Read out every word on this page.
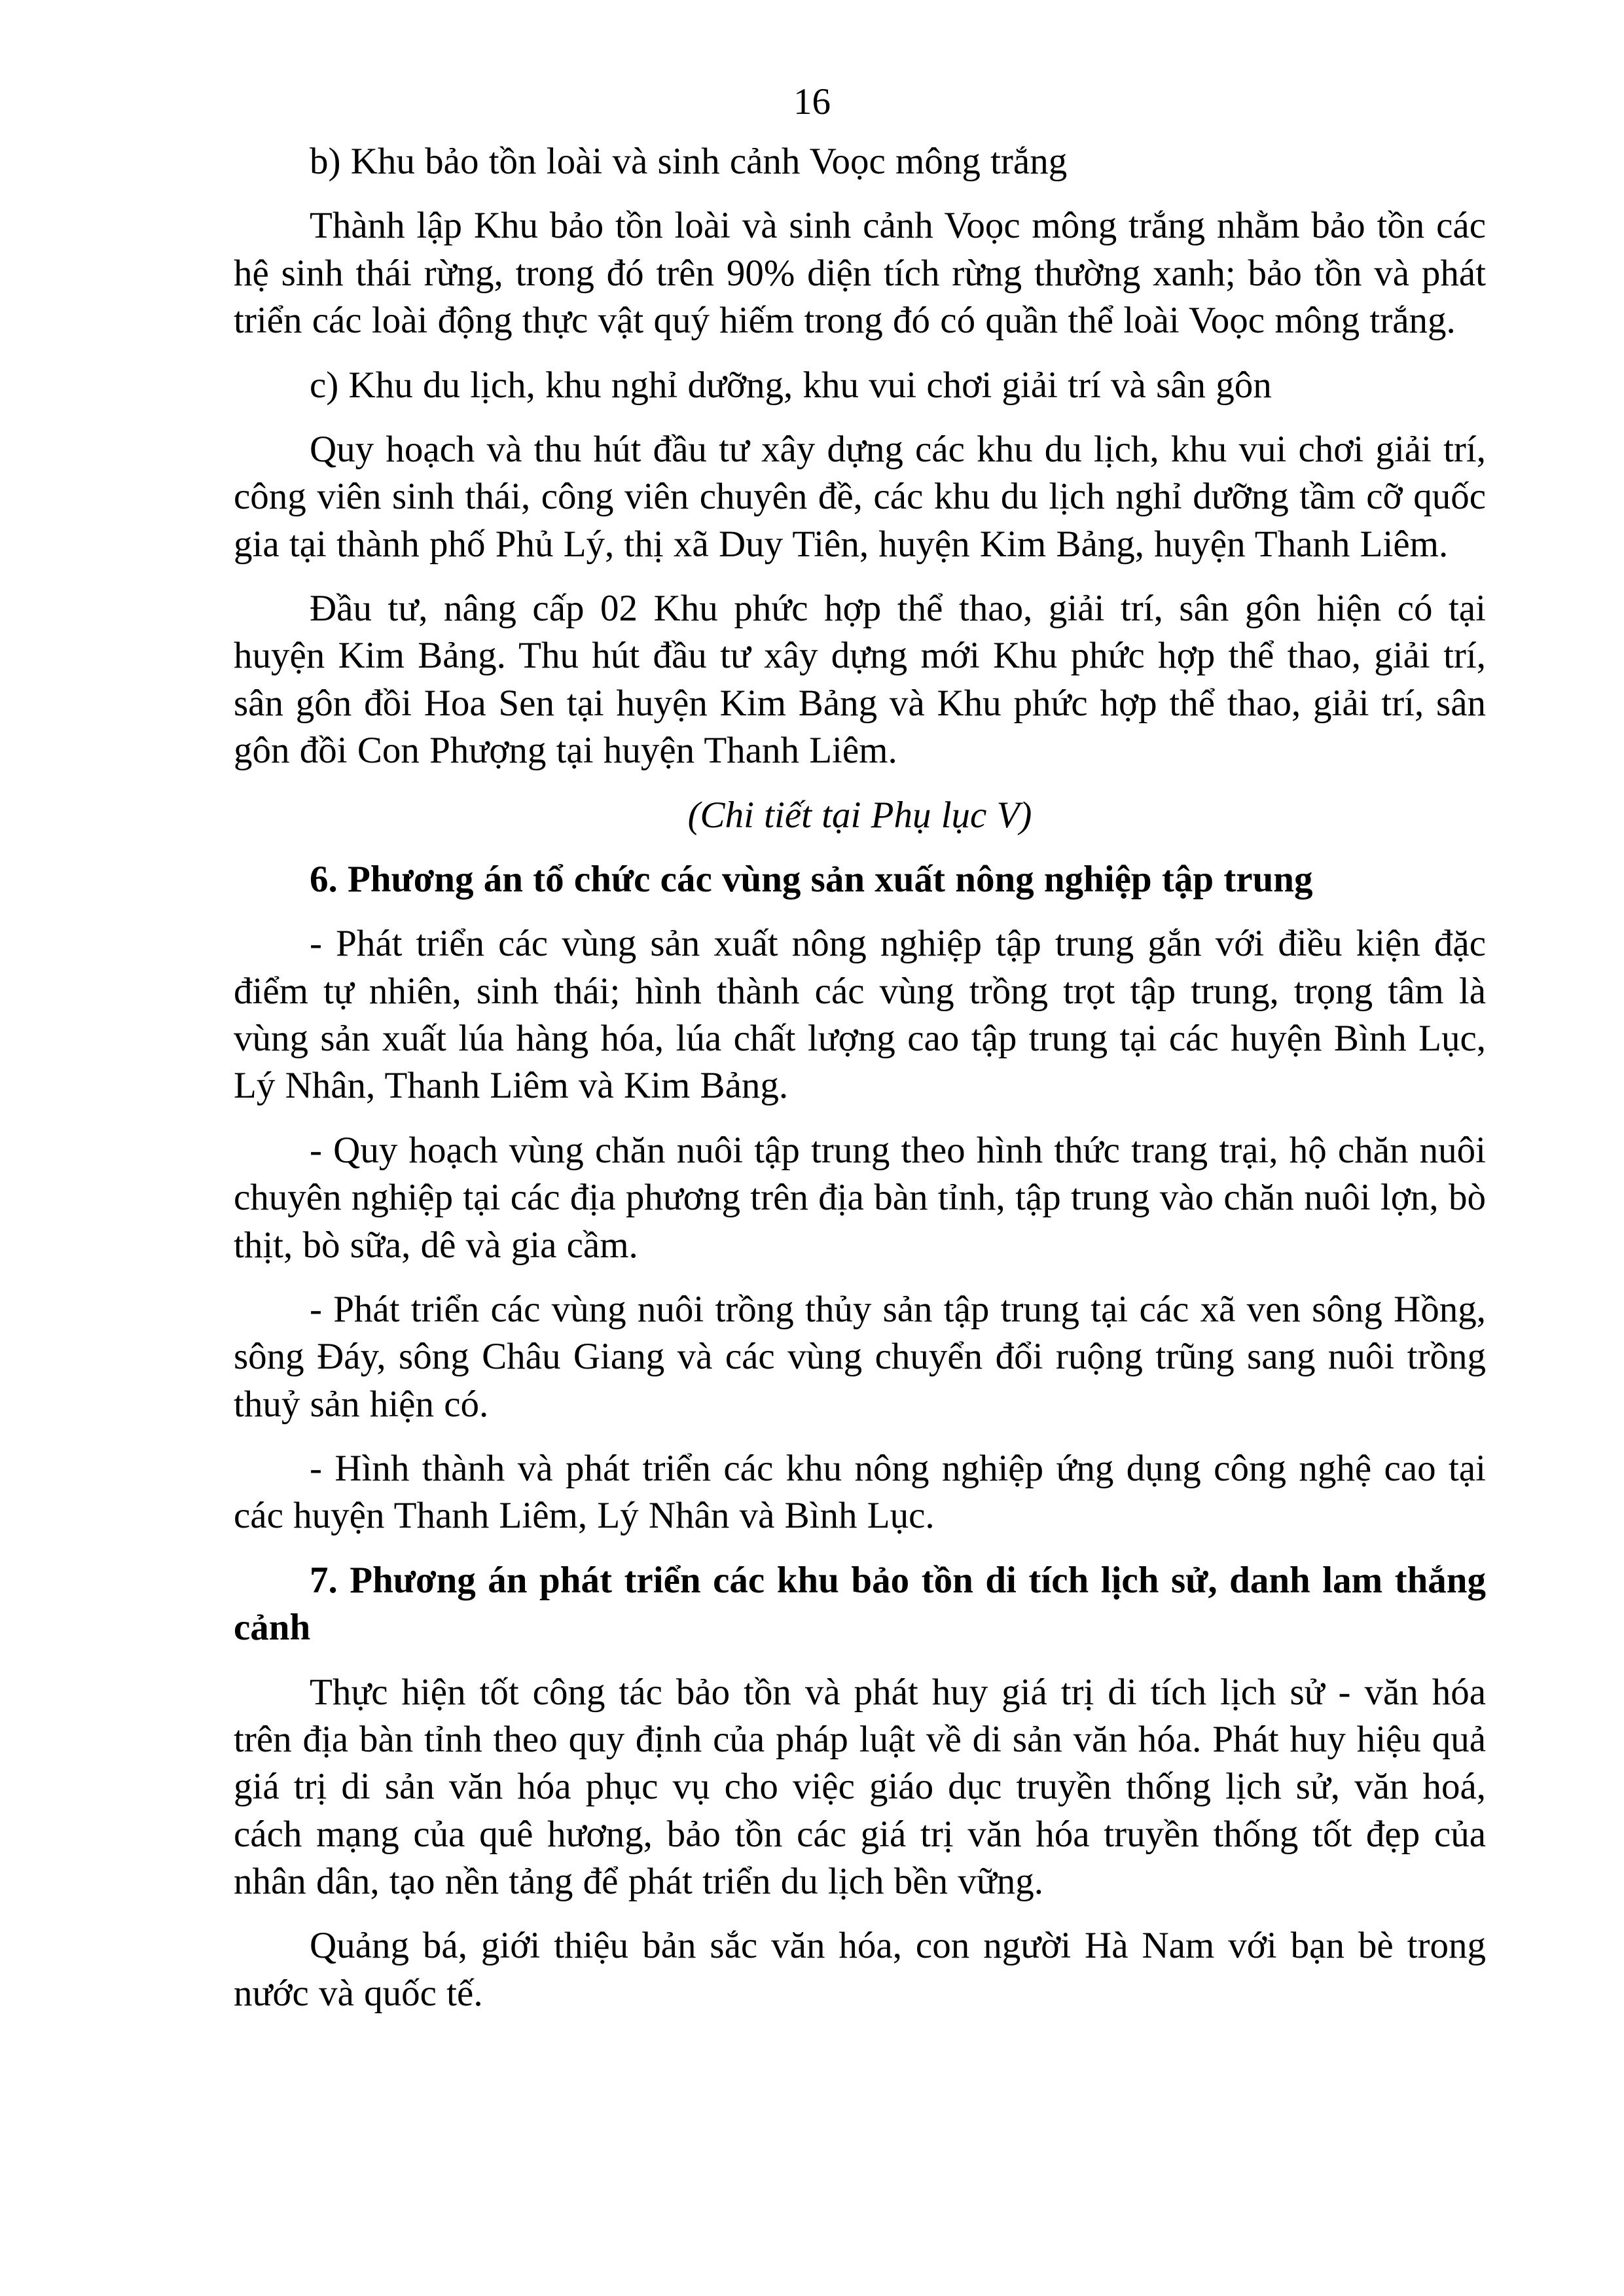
16

b) Khu bảo tồn loài và sinh cảnh Voọc mông trắng

Thành lập Khu bảo tồn loài và sinh cảnh Voọc mông trắng nhằm bảo tồn các hệ sinh thái rừng, trong đó trên 90% diện tích rừng thường xanh; bảo tồn và phát triển các loài động thực vật quý hiếm trong đó có quần thể loài Voọc mông trắng.

c) Khu du lịch, khu nghỉ dưỡng, khu vui chơi giải trí và sân gôn

Quy hoạch và thu hút đầu tư xây dựng các khu du lịch, khu vui chơi giải trí, công viên sinh thái, công viên chuyên đề, các khu du lịch nghỉ dưỡng tầm cỡ quốc gia tại thành phố Phủ Lý, thị xã Duy Tiên, huyện Kim Bảng, huyện Thanh Liêm.

Đầu tư, nâng cấp 02 Khu phức hợp thể thao, giải trí, sân gôn hiện có tại huyện Kim Bảng. Thu hút đầu tư xây dựng mới Khu phức hợp thể thao, giải trí, sân gôn đồi Hoa Sen tại huyện Kim Bảng và Khu phức hợp thể thao, giải trí, sân gôn đồi Con Phượng tại huyện Thanh Liêm.

(Chi tiết tại Phụ lục V)

6. Phương án tổ chức các vùng sản xuất nông nghiệp tập trung

- Phát triển các vùng sản xuất nông nghiệp tập trung gắn với điều kiện đặc điểm tự nhiên, sinh thái; hình thành các vùng trồng trọt tập trung, trọng tâm là vùng sản xuất lúa hàng hóa, lúa chất lượng cao tập trung tại các huyện Bình Lục, Lý Nhân, Thanh Liêm và Kim Bảng.

- Quy hoạch vùng chăn nuôi tập trung theo hình thức trang trại, hộ chăn nuôi chuyên nghiệp tại các địa phương trên địa bàn tỉnh, tập trung vào chăn nuôi lợn, bò thịt, bò sữa, dê và gia cầm.

- Phát triển các vùng nuôi trồng thủy sản tập trung tại các xã ven sông Hồng, sông Đáy, sông Châu Giang và các vùng chuyển đổi ruộng trũng sang nuôi trồng thuỷ sản hiện có.

- Hình thành và phát triển các khu nông nghiệp ứng dụng công nghệ cao tại các huyện Thanh Liêm, Lý Nhân và Bình Lục.

7. Phương án phát triển các khu bảo tồn di tích lịch sử, danh lam thắng cảnh

Thực hiện tốt công tác bảo tồn và phát huy giá trị di tích lịch sử - văn hóa trên địa bàn tỉnh theo quy định của pháp luật về di sản văn hóa. Phát huy hiệu quả giá trị di sản văn hóa phục vụ cho việc giáo dục truyền thống lịch sử, văn hoá, cách mạng của quê hương, bảo tồn các giá trị văn hóa truyền thống tốt đẹp của nhân dân, tạo nền tảng để phát triển du lịch bền vững.

Quảng bá, giới thiệu bản sắc văn hóa, con người Hà Nam với bạn bè trong nước và quốc tế.
